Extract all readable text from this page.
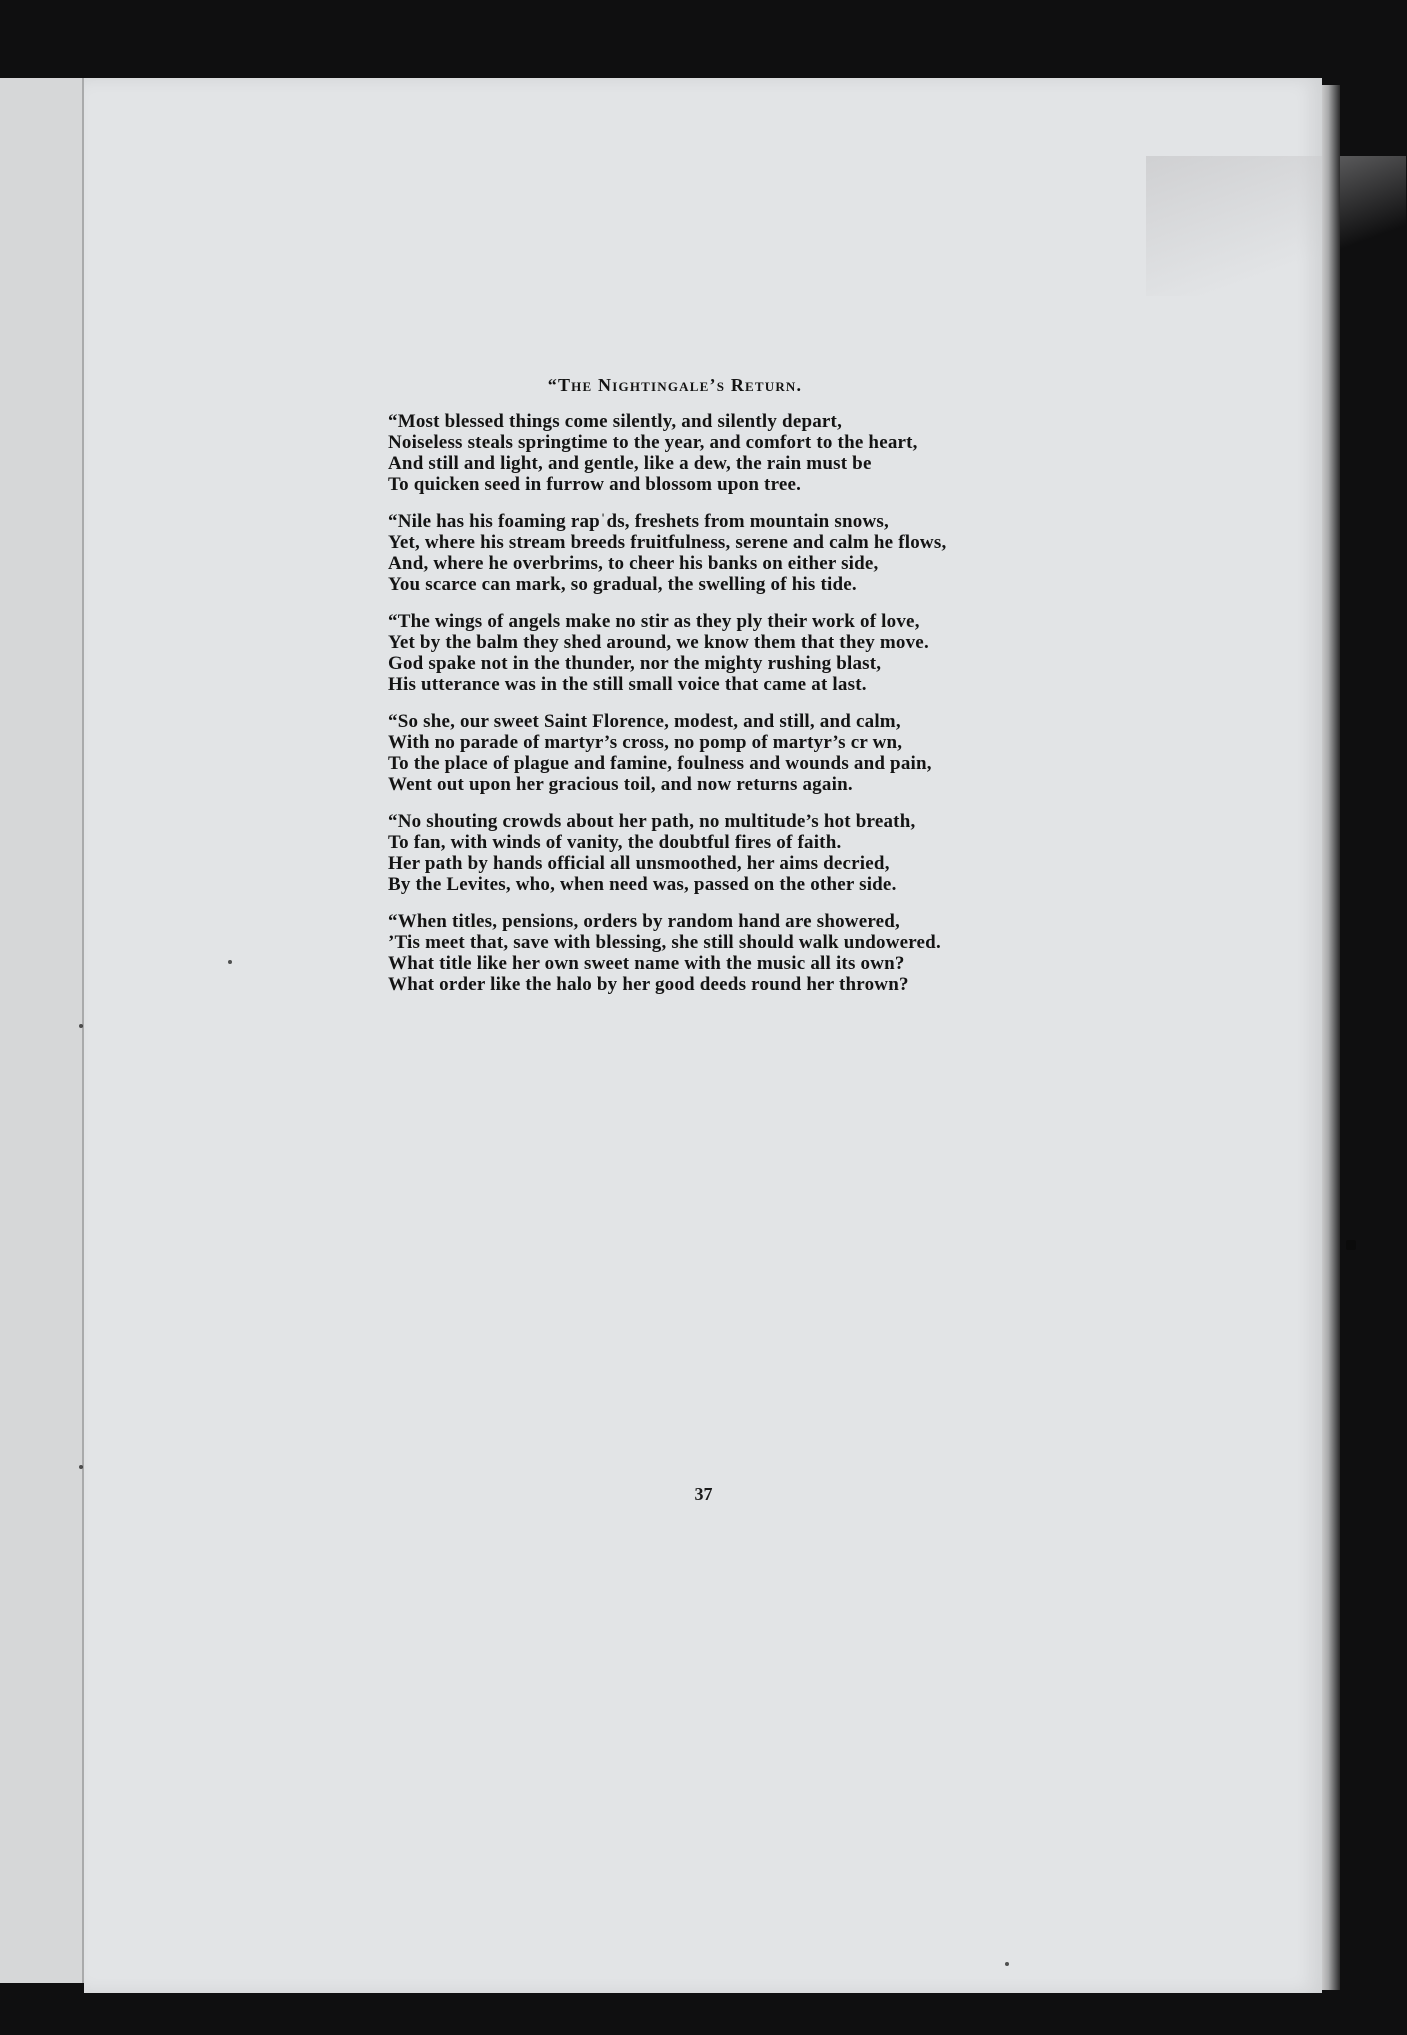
“The Nightingale’s Return.
“Most blessed things come silently, and silently depart,
Noiseless steals springtime to the year, and comfort to the heart,
And still and light, and gentle, like a dew, the rain must be
To quicken seed in furrow and blossom upon tree.
“Nile has his foaming rapˈds, freshets from mountain snows,
Yet, where his stream breeds fruitfulness, serene and calm he flows,
And, where he overbrims, to cheer his banks on either side,
You scarce can mark, so gradual, the swelling of his tide.
“The wings of angels make no stir as they ply their work of love,
Yet by the balm they shed around, we know them that they move.
God spake not in the thunder, nor the mighty rushing blast,
His utterance was in the still small voice that came at last.
“So she, our sweet Saint Florence, modest, and still, and calm,
With no parade of martyr’s cross, no pomp of martyr’s cr wn,
To the place of plague and famine, foulness and wounds and pain,
Went out upon her gracious toil, and now returns again.
“No shouting crowds about her path, no multitude’s hot breath,
To fan, with winds of vanity, the doubtful fires of faith.
Her path by hands official all unsmoothed, her aims decried,
By the Levites, who, when need was, passed on the other side.
“When titles, pensions, orders by random hand are showered,
’Tis meet that, save with blessing, she still should walk undowered.
What title like her own sweet name with the music all its own?
What order like the halo by her good deeds round her thrown?
37
